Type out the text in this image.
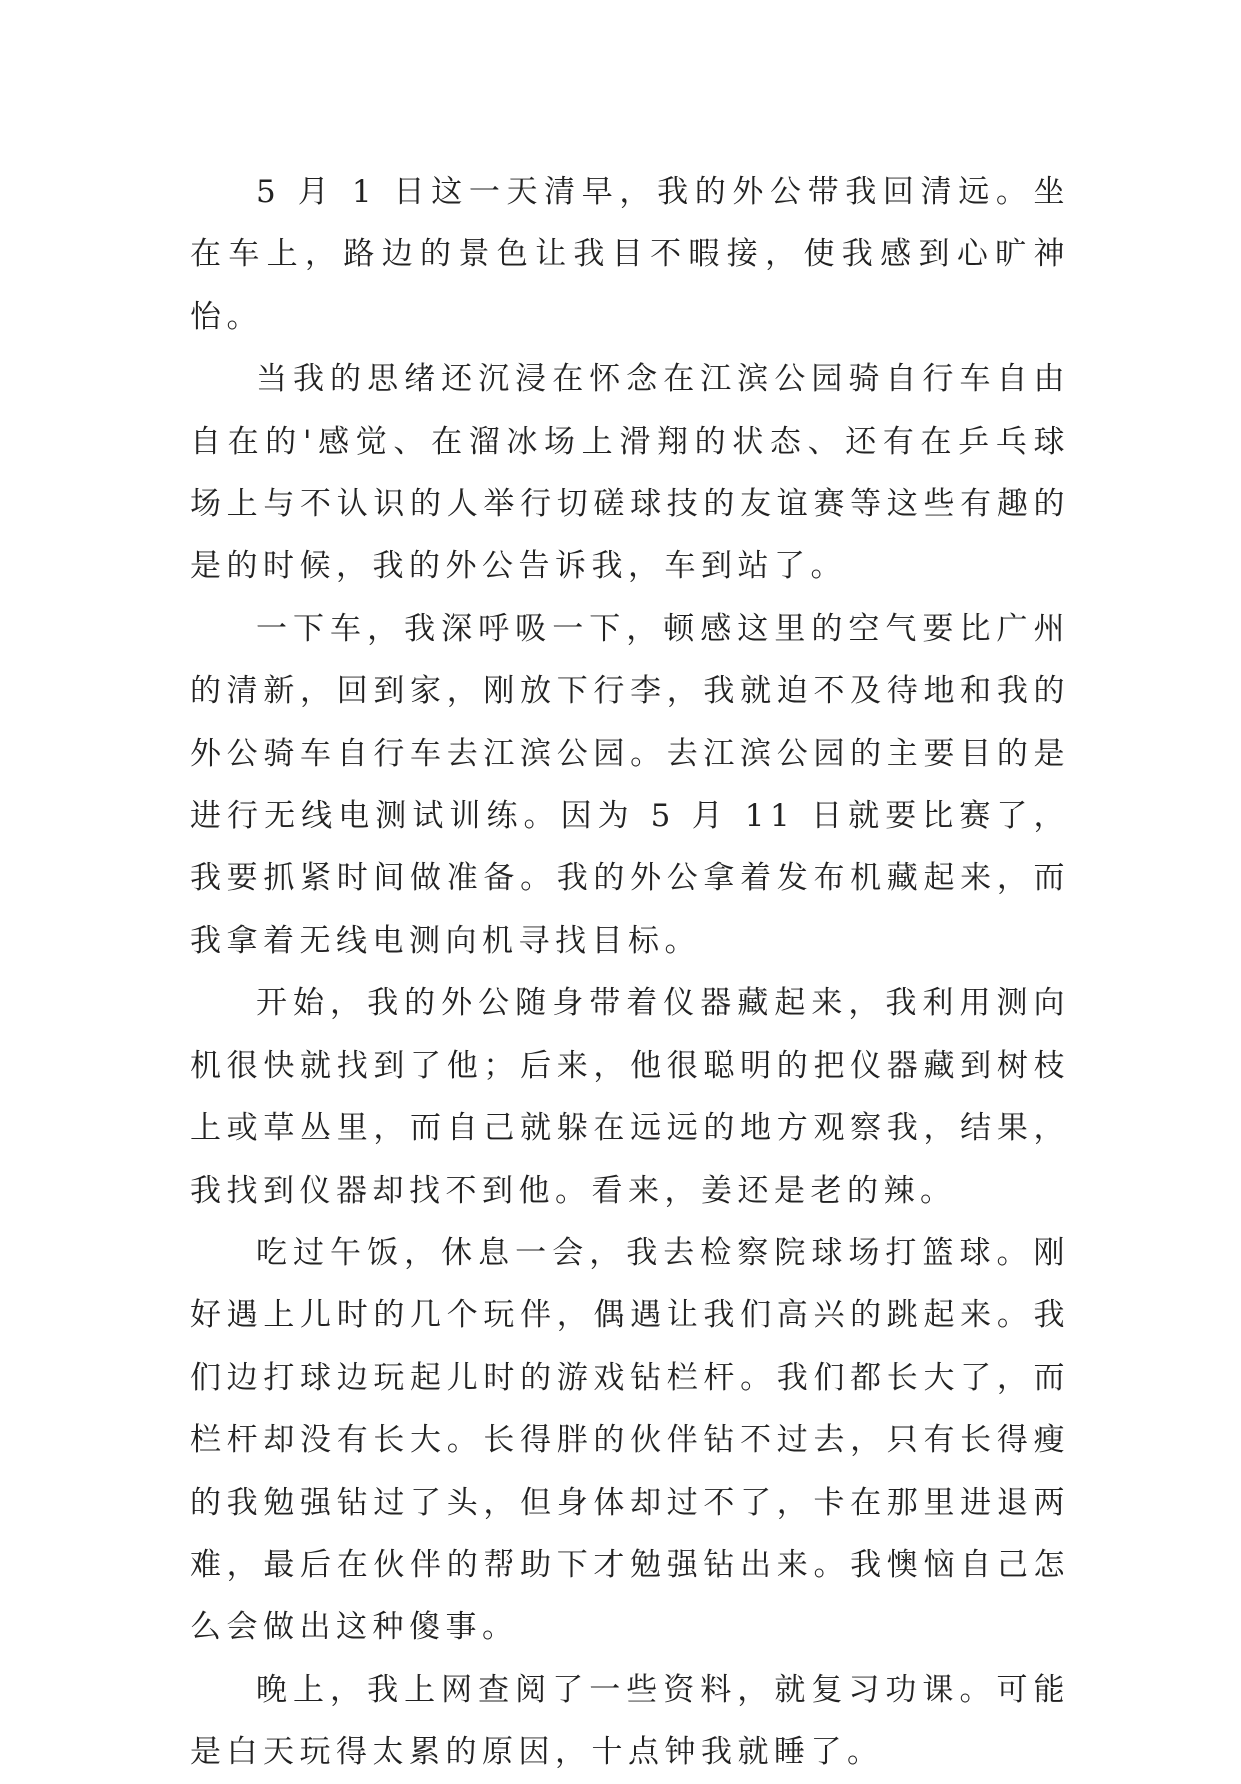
5 月 1 日这一天清早，我的外公带我回清远。坐在车上，路边的景色让我目不暇接，使我感到心旷神怡。

当我的思绪还沉浸在怀念在江滨公园骑自行车自由自在的'感觉、在溜冰场上滑翔的状态、还有在乒乓球场上与不认识的人举行切磋球技的友谊赛等这些有趣的是的时候，我的外公告诉我，车到站了。

一下车，我深呼吸一下，顿感这里的空气要比广州的清新，回到家，刚放下行李，我就迫不及待地和我的外公骑车自行车去江滨公园。去江滨公园的主要目的是进行无线电测试训练。因为 5 月 11 日就要比赛了，我要抓紧时间做准备。我的外公拿着发布机藏起来，而我拿着无线电测向机寻找目标。

开始，我的外公随身带着仪器藏起来，我利用测向机很快就找到了他；后来，他很聪明的把仪器藏到树枝上或草丛里，而自己就躲在远远的地方观察我，结果，我找到仪器却找不到他。看来，姜还是老的辣。

吃过午饭，休息一会，我去检察院球场打篮球。刚好遇上儿时的几个玩伴，偶遇让我们高兴的跳起来。我们边打球边玩起儿时的游戏钻栏杆。我们都长大了，而栏杆却没有长大。长得胖的伙伴钻不过去，只有长得瘦的我勉强钻过了头，但身体却过不了，卡在那里进退两难，最后在伙伴的帮助下才勉强钻出来。我懊恼自己怎么会做出这种傻事。

晚上，我上网查阅了一些资料，就复习功课。可能是白天玩得太累的原因，十点钟我就睡了。
